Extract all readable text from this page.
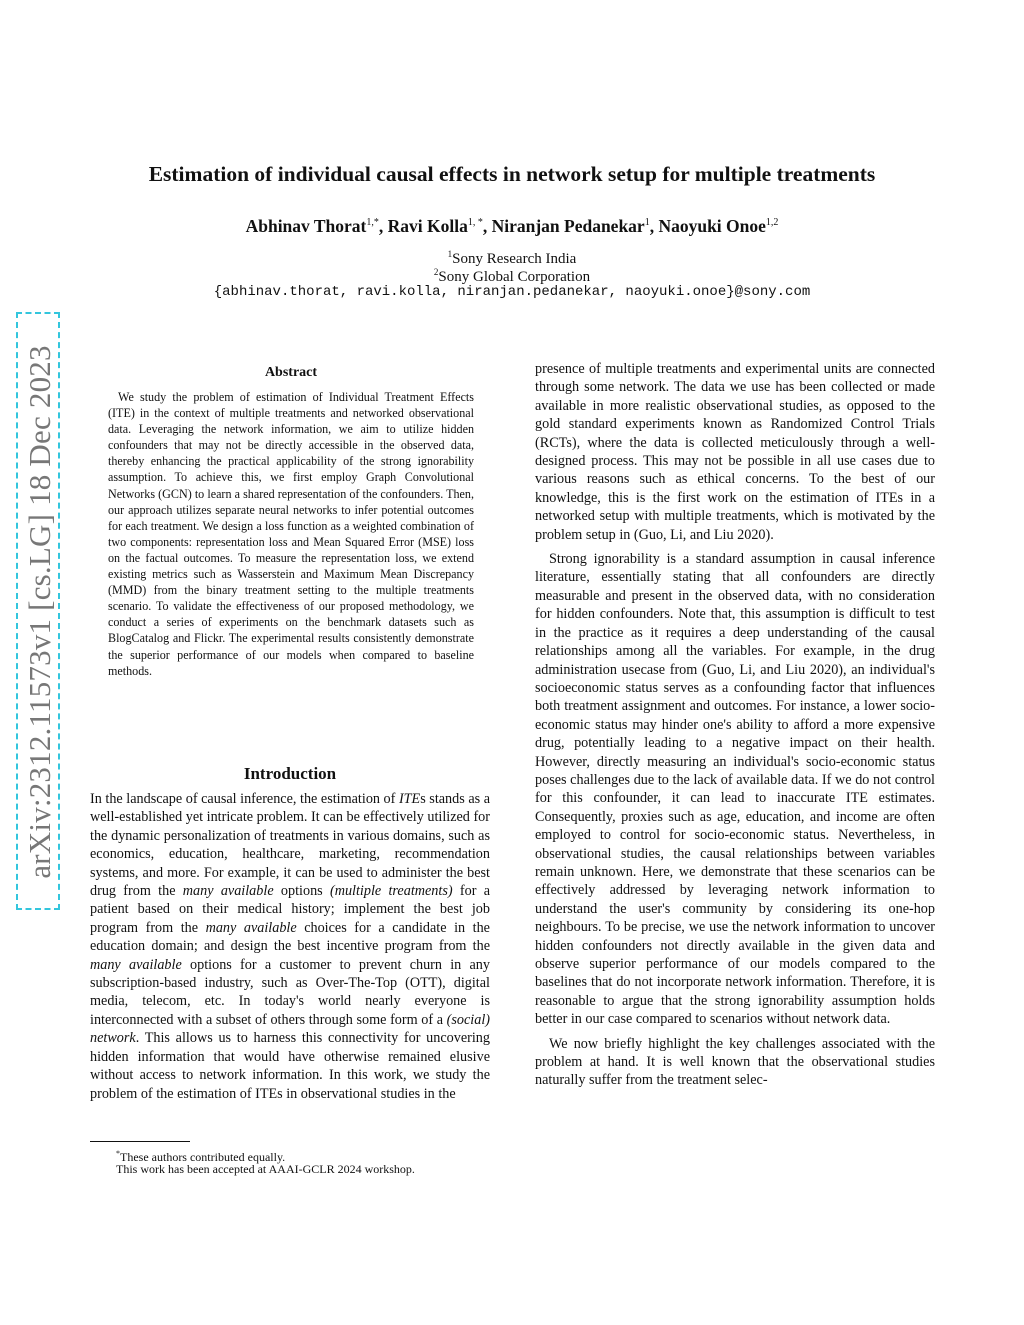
arXiv:2312.11573v1 [cs.LG] 18 Dec 2023
Estimation of individual causal effects in network setup for multiple treatments
Abhinav Thorat$^{1,*}$, Ravi Kolla$^{1, *}$, Niranjan Pedanekar$^1$, Naoyuki Onoe$^{1,2}$
$^1$Sony Research India
$^2$Sony Global Corporation
{abhinav.thorat, ravi.kolla, niranjan.pedanekar, naoyuki.onoe}@sony.com
Abstract
We study the problem of estimation of Individual Treatment Effects (ITE) in the context of multiple treatments and networked observational data. Leveraging the network information, we aim to utilize hidden confounders that may not be directly accessible in the observed data, thereby enhancing the practical applicability of the strong ignorability assumption. To achieve this, we first employ Graph Convolutional Networks (GCN) to learn a shared representation of the confounders. Then, our approach utilizes separate neural networks to infer potential outcomes for each treatment. We design a loss function as a weighted combination of two components: representation loss and Mean Squared Error (MSE) loss on the factual outcomes. To measure the representation loss, we extend existing metrics such as Wasserstein and Maximum Mean Discrepancy (MMD) from the binary treatment setting to the multiple treatments scenario. To validate the effectiveness of our proposed methodology, we conduct a series of experiments on the benchmark datasets such as BlogCatalog and Flickr. The experimental results consistently demonstrate the superior performance of our models when compared to baseline methods.
Introduction

In the landscape of causal inference, the estimation of ITEs stands as a well-established yet intricate problem. It can be effectively utilized for the dynamic personalization of treatments in various domains, such as economics, education, healthcare, marketing, recommendation systems, and more. For example, it can be used to administer the best drug from the many available options (multiple treatments) for a patient based on their medical history; implement the best job program from the many available choices for a candidate in the education domain; and design the best incentive program from the many available options for a customer to prevent churn in any subscription-based industry, such as Over-The-Top (OTT), digital media, telecom, etc. In today's world nearly everyone is interconnected with a subset of others through some form of a (social) network. This allows us to harness this connectivity for uncovering hidden information that would have otherwise remained elusive without access to network information. In this work, we study the problem of the estimation of ITEs in observational studies in the

*These authors contributed equally.
This work has been accepted at AAAI-GCLR 2024 workshop.

presence of multiple treatments and experimental units are connected through some network. The data we use has been collected or made available in more realistic observational studies, as opposed to the gold standard experiments known as Randomized Control Trials (RCTs), where the data is collected meticulously through a well-designed process. This may not be possible in all use cases due to various reasons such as ethical concerns. To the best of our knowledge, this is the first work on the estimation of ITEs in a networked setup with multiple treatments, which is motivated by the problem setup in (Guo, Li, and Liu 2020).

Strong ignorability is a standard assumption in causal inference literature, essentially stating that all confounders are directly measurable and present in the observed data, with no consideration for hidden confounders. Note that, this assumption is difficult to test in the practice as it requires a deep understanding of the causal relationships among all the variables. For example, in the drug administration usecase from (Guo, Li, and Liu 2020), an individual's socioeconomic status serves as a confounding factor that influences both treatment assignment and outcomes. For instance, a lower socio-economic status may hinder one's ability to afford a more expensive drug, potentially leading to a negative impact on their health. However, directly measuring an individual's socio-economic status poses challenges due to the lack of available data. If we do not control for this confounder, it can lead to inaccurate ITE estimates. Consequently, proxies such as age, education, and income are often employed to control for socio-economic status. Nevertheless, in observational studies, the causal relationships between variables remain unknown. Here, we demonstrate that these scenarios can be effectively addressed by leveraging network information to understand the user's community by considering its one-hop neighbours. To be precise, we use the network information to uncover hidden confounders not directly available in the given data and observe superior performance of our models compared to the baselines that do not incorporate network information. Therefore, it is reasonable to argue that the strong ignorability assumption holds better in our case compared to scenarios without network data.

We now briefly highlight the key challenges associated with the problem at hand. It is well known that the observational studies naturally suffer from the treatment selec-
